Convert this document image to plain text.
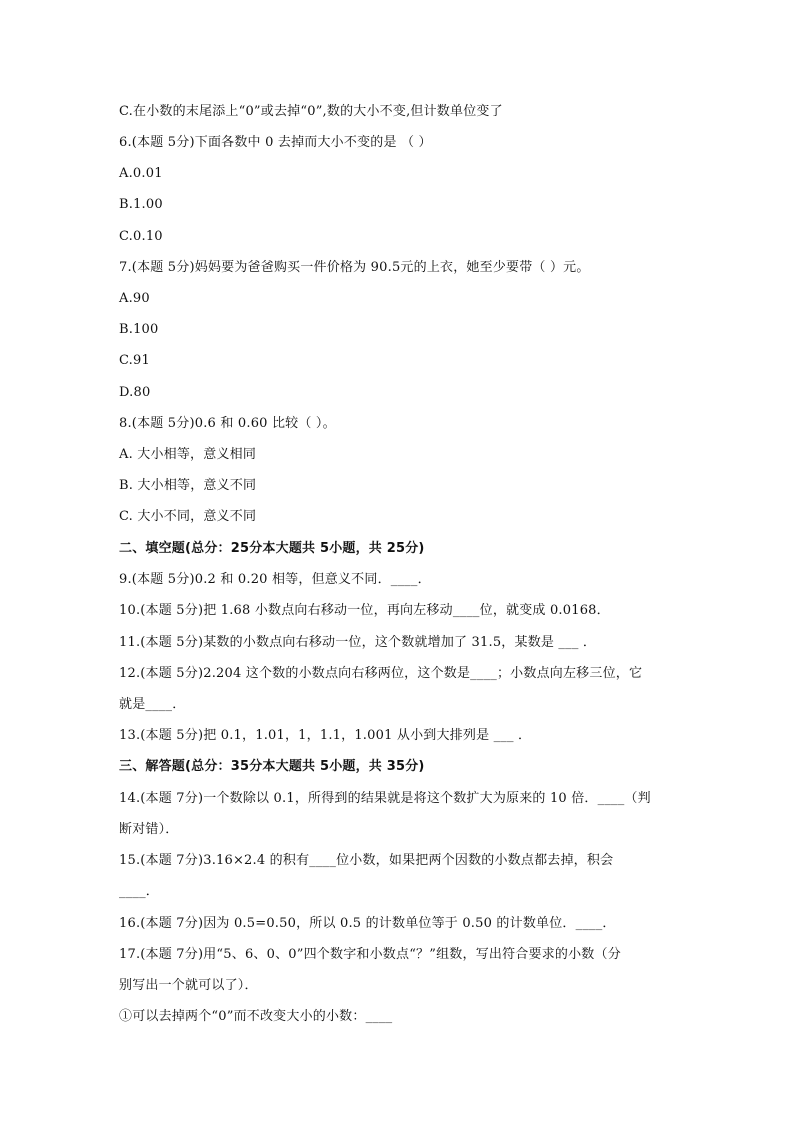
C.在小数的末尾添上“0”或去掉“0”,数的大小不变,但计数单位变了
6.(本题 5分)下面各数中 0 去掉而大小不变的是 （ ）
A.0.01
B.1.00
C.0.10
7.(本题 5分)妈妈要为爸爸购买一件价格为 90.5元的上衣，她至少要带（ ）元。
A.90
B.100
C.91
D.80
8.(本题 5分)0.6 和 0.60 比较（ ）。
A. 大小相等，意义相同
B. 大小相等，意义不同
C. 大小不同，意义不同
二、填空题(总分：25分本大题共 5小题，共 25分)
9.(本题 5分)0.2 和 0.20 相等，但意义不同．____．
10.(本题 5分)把 1.68 小数点向右移动一位，再向左移动____位，就变成 0.0168．
11.(本题 5分)某数的小数点向右移动一位，这个数就增加了 31.5，某数是 ___ ．
12.(本题 5分)2.204 这个数的小数点向右移两位，这个数是____；小数点向左移三位，它
就是____．
13.(本题 5分)把 0.1，1.01，1，1.1，1.001 从小到大排列是 ___ ．
三、解答题(总分：35分本大题共 5小题，共 35分)
14.(本题 7分)一个数除以 0.1，所得到的结果就是将这个数扩大为原来的 10 倍．____（判
断对错）．
15.(本题 7分)3.16×2.4 的积有____位小数，如果把两个因数的小数点都去掉，积会
____．
16.(本题 7分)因为 0.5=0.50，所以 0.5 的计数单位等于 0.50 的计数单位．____．
17.(本题 7分)用“5、6、0、0”四个数字和小数点“？”组数，写出符合要求的小数（分
别写出一个就可以了）．
①可以去掉两个“0”而不改变大小的小数：____
